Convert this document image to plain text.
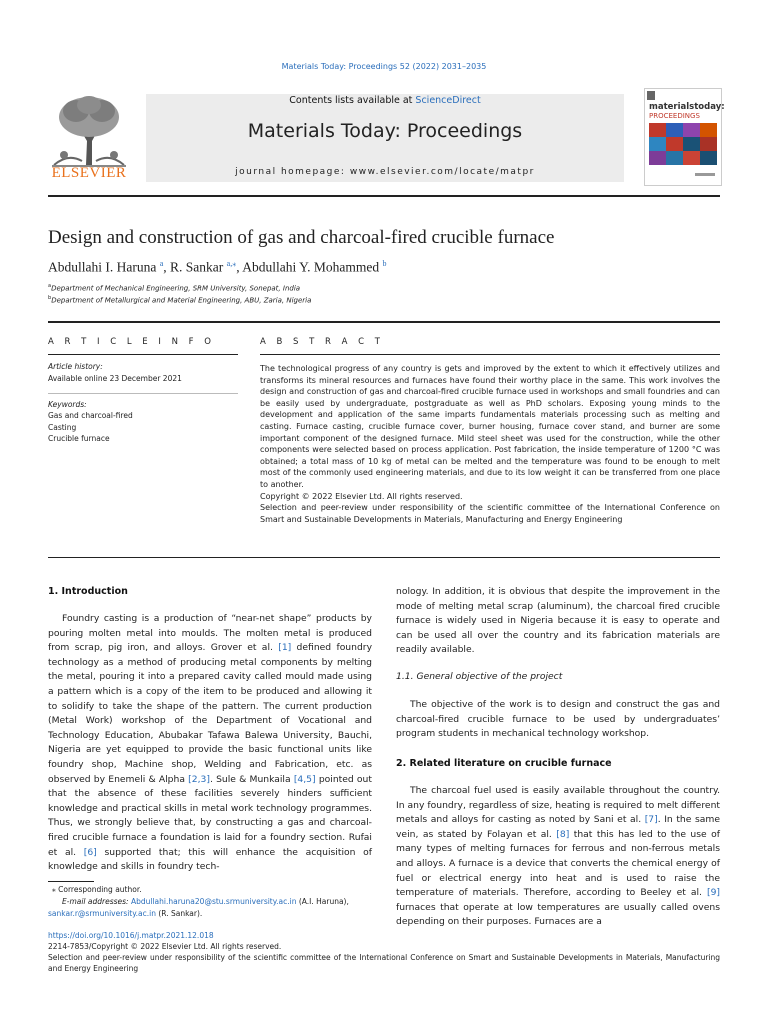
Materials Today: Proceedings 52 (2022) 2031–2035
ELSEVIER
Contents lists available at ScienceDirect
Materials Today: Proceedings
journal homepage: www.elsevier.com/locate/matpr
materialstoday:
PROCEEDINGS
Design and construction of gas and charcoal-fired crucible furnace
Abdullahi I. Haruna $^a$, R. Sankar $^{a,⁎}$, Abdullahi Y. Mohammed $^b$
$^a$Department of Mechanical Engineering, SRM University, Sonepat, India
$^b$Department of Metallurgical and Material Engineering, ABU, Zaria, Nigeria
A R T I C L E I N F O
Article history:
Available online 23 December 2021
Keywords:
Gas and charcoal-fired
Casting
Crucible furnace
A B S T R A C T

The technological progress of any country is gets and improved by the extent to which it effectively utilizes and transforms its mineral resources and furnaces have found their worthy place in the same. This work involves the design and construction of gas and charcoal-fired crucible furnace used in workshops and small foundries and can be easily used by undergraduate, postgraduate as well as PhD scholars. Exposing young minds to the development and application of the same imparts fundamentals materials processing such as melting and casting. Furnace casting, crucible furnace cover, burner housing, furnace cover stand, and burner are some important component of the designed furnace. Mild steel sheet was used for the construction, while the other components were selected based on process application. Post fabrication, the inside temperature of 1200 °C was obtained; a total mass of 10 kg of metal can be melted and the temperature was found to be enough to melt most of the commonly used engineering materials, and due to its low weight it can be transferred from one place to another.

Copyright © 2022 Elsevier Ltd. All rights reserved.

Selection and peer-review under responsibility of the scientific committee of the International Conference on Smart and Sustainable Developments in Materials, Manufacturing and Energy Engineering

1. Introduction

Foundry casting is a production of “near-net shape” products by pouring molten metal into moulds. The molten metal is produced from scrap, pig iron, and alloys. Grover et al. [1] defined foundry technology as a method of producing metal components by melting the metal, pouring it into a prepared cavity called mould made using a pattern which is a copy of the item to be produced and allowing it to solidify to take the shape of the pattern. The current production (Metal Work) workshop of the Department of Vocational and Technology Education, Abubakar Tafawa Balewa University, Bauchi, Nigeria are yet equipped to provide the basic functional units like foundry shop, Machine shop, Welding and Fabrication, etc. as observed by Enemeli & Alpha [2,3]. Sule & Munkaila [4,5] pointed out that the absence of these facilities severely hinders sufficient knowledge and practical skills in metal work technology programmes. Thus, we strongly believe that, by constructing a gas and charcoal- fired crucible furnace a foundation is laid for a foundry section. Rufai et al. [6] supported that; this will enhance the acquisition of knowledge and skills in foundry tech-

⁎ Corresponding author.
E-mail addresses: Abdullahi.haruna20@stu.srmuniversity.ac.in (A.I. Haruna),
sankar.r@srmuniversity.ac.in (R. Sankar).
nology. In addition, it is obvious that despite the improvement in the mode of melting metal scrap (aluminum), the charcoal fired crucible furnace is widely used in Nigeria because it is easy to operate and can be used all over the country and its fabrication materials are readily available.
1.1. General objective of the project

The objective of the work is to design and construct the gas and charcoal-fired crucible furnace to be used by undergraduates’ program students in mechanical technology workshop.

2. Related literature on crucible furnace

The charcoal fuel used is easily available throughout the country. In any foundry, regardless of size, heating is required to melt different metals and alloys for casting as noted by Sani et al. [7]. In the same vein, as stated by Folayan et al. [8] that this has led to the use of many types of melting furnaces for ferrous and non-ferrous metals and alloys. A furnace is a device that converts the chemical energy of fuel or electrical energy into heat and is used to raise the temperature of materials. Therefore, according to Beeley et al. [9] furnaces that operate at low temperatures are usually called ovens depending on their purposes. Furnaces are a

https://doi.org/10.1016/j.matpr.2021.12.018
2214-7853/Copyright © 2022 Elsevier Ltd. All rights reserved.
Selection and peer-review under responsibility of the scientific committee of the International Conference on Smart and Sustainable Developments in Materials, Manufacturing and Energy Engineering
